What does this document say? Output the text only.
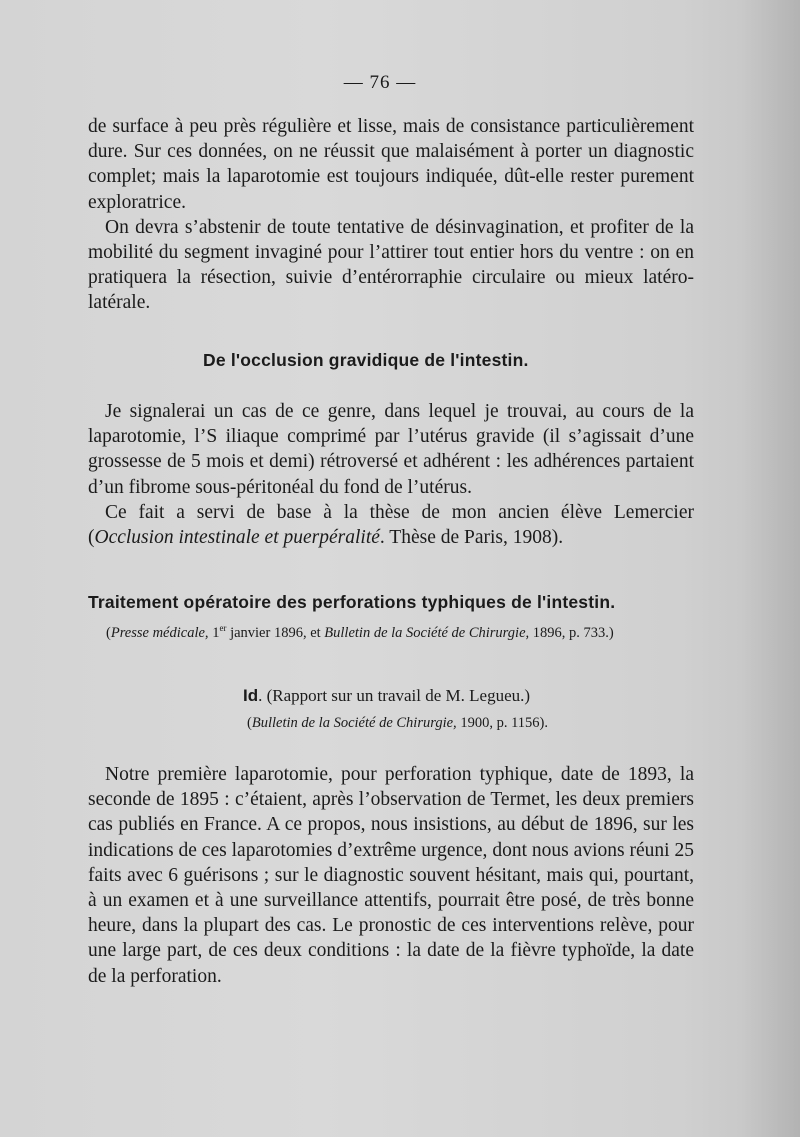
— 76 —

de surface à peu près régulière et lisse, mais de consistance particulièrement dure. Sur ces données, on ne réussit que malaisément à porter un diagnostic complet; mais la laparotomie est toujours indiquée, dût-elle rester purement exploratrice.

On devra s’abstenir de toute tentative de désinvagination, et profiter de la mobilité du segment invaginé pour l’attirer tout entier hors du ventre : on en pratiquera la résection, suivie d’entérorraphie circulaire ou mieux latéro-latérale.

De l'occlusion gravidique de l'intestin.

Je signalerai un cas de ce genre, dans lequel je trouvai, au cours de la laparotomie, l’S iliaque comprimé par l’utérus gravide (il s’agissait d’une grossesse de 5 mois et demi) rétroversé et adhérent : les adhérences partaient d’un fibrome sous-péritonéal du fond de l’utérus.

Ce fait a servi de base à la thèse de mon ancien élève Lemercier (Occlusion intestinale et puerpéralité. Thèse de Paris, 1908).

Traitement opératoire des perforations typhiques de l'intestin.
(Presse médicale, 1er janvier 1896, et Bulletin de la Société de Chirurgie, 1896, p. 733.)
Id. (Rapport sur un travail de M. Legueu.)
(Bulletin de la Société de Chirurgie, 1900, p. 1156).

Notre première laparotomie, pour perforation typhique, date de 1893, la seconde de 1895 : c’étaient, après l’observation de Termet, les deux premiers cas publiés en France. A ce propos, nous insistions, au début de 1896, sur les indications de ces laparotomies d’extrême urgence, dont nous avions réuni 25 faits avec 6 guérisons ; sur le diagnostic souvent hésitant, mais qui, pourtant, à un examen et à une surveillance attentifs, pourrait être posé, de très bonne heure, dans la plupart des cas. Le pronostic de ces interventions relève, pour une large part, de ces deux conditions : la date de la fièvre typhoïde, la date de la perforation.
